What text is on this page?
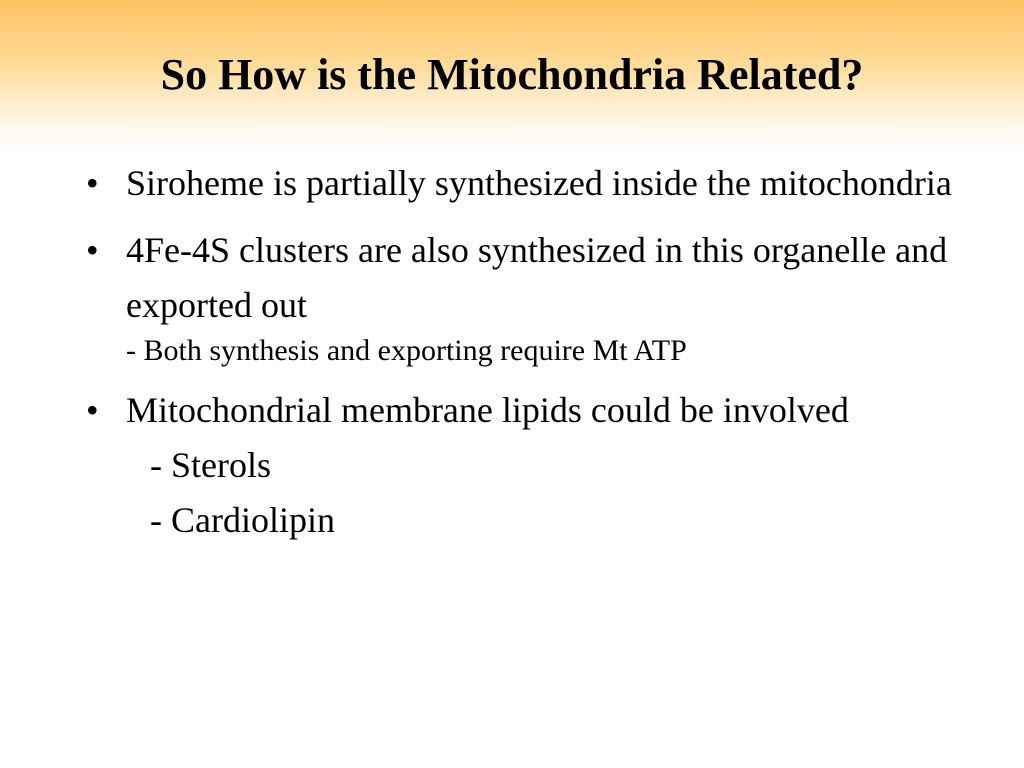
So How is the Mitochondria Related?
• Siroheme is partially synthesized inside the mitochondria
• 4Fe-4S clusters are also synthesized in this organelle and exported out
- Both synthesis and exporting require Mt ATP
• Mitochondrial membrane lipids could be involved
- Sterols
- Cardiolipin
